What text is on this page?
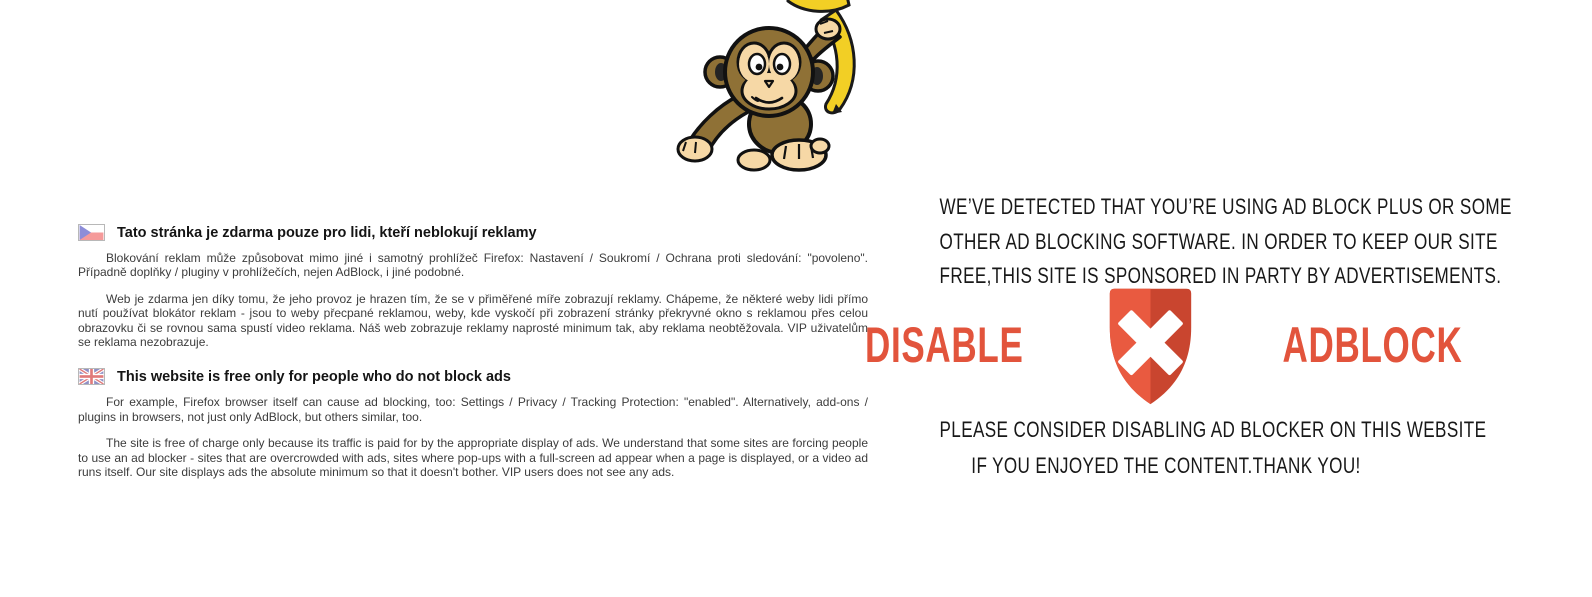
Tato stránka je zdarma pouze pro lidi, kteří neblokují reklamy

Blokování reklam může způsobovat mimo jiné i samotný prohlížeč Firefox: Nastavení / Soukromí / Ochrana proti sledování: "povoleno". Případně doplňky / pluginy v prohlížečích, nejen AdBlock, i jiné podobné.

Web je zdarma jen díky tomu, že jeho provoz je hrazen tím, že se v přiměřené míře zobrazují reklamy. Chápeme, že některé weby lidi přímo nutí používat blokátor reklam - jsou to weby přecpané reklamou, weby, kde vyskočí při zobrazení stránky překryvné okno s reklamou přes celou obrazovku či se rovnou sama spustí video reklama. Náš web zobrazuje reklamy naprosté minimum tak, aby reklama neobtěžovala. VIP uživatelům se reklama nezobrazuje.

This website is free only for people who do not block ads

For example, Firefox browser itself can cause ad blocking, too: Settings / Privacy / Tracking Protection: "enabled". Alternatively, add-ons / plugins in browsers, not just only AdBlock, but others similar, too.

The site is free of charge only because its traffic is paid for by the appropriate display of ads. We understand that some sites are forcing people to use an ad blocker - sites that are overcrowded with ads, sites where pop-ups with a full-screen ad appear when a page is displayed, or a video ad runs itself. Our site displays ads the absolute minimum so that it doesn't bother. VIP users does not see any ads.

WE’VE DETECTED THAT YOU’RE USING AD BLOCK PLUS OR SOME
OTHER AD BLOCKING SOFTWARE. IN ORDER TO KEEP OUR SITE
FREE,THIS SITE IS SPONSORED IN PARTY BY ADVERTISEMENTS.
DISABLE	ADBLOCK
PLEASE CONSIDER DISABLING AD BLOCKER ON THIS WEBSITE
IF YOU ENJOYED THE CONTENT.THANK YOU!
